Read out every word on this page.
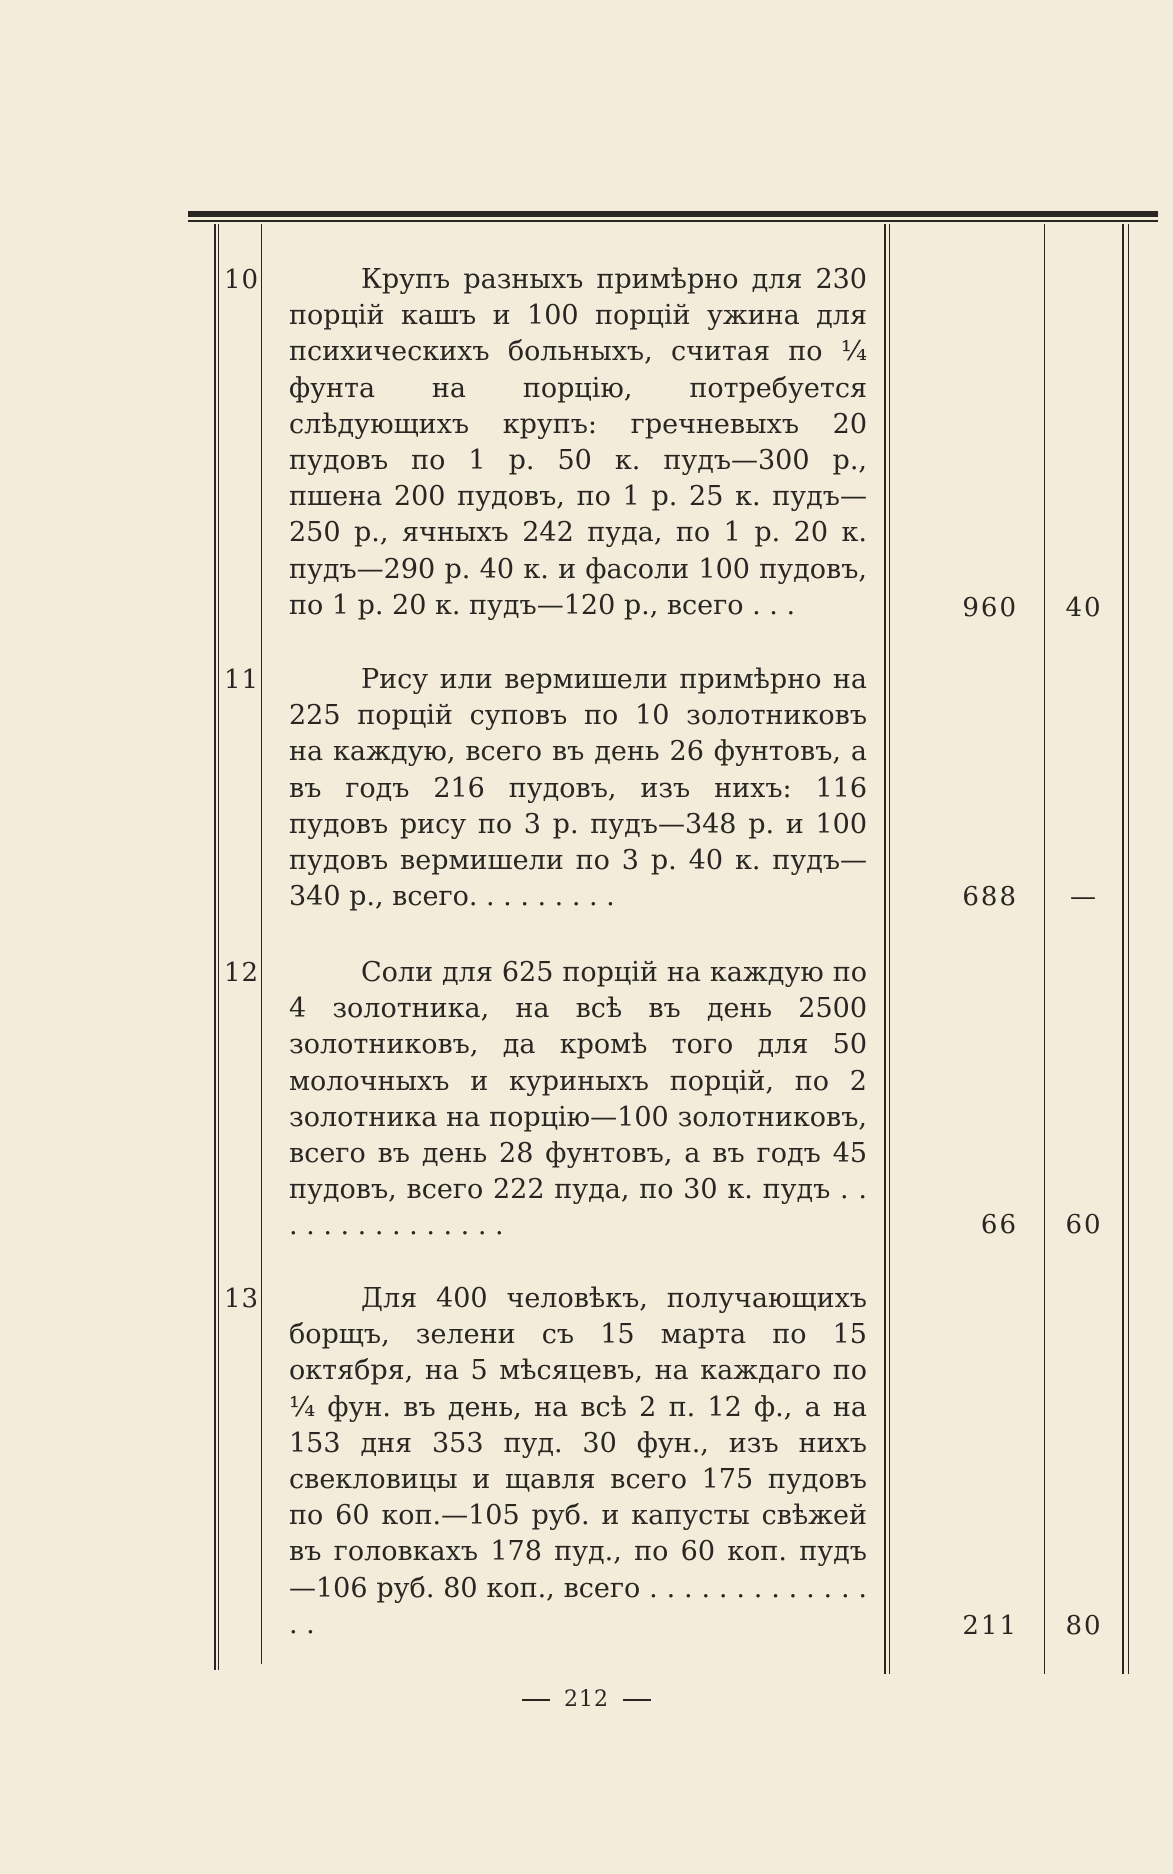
10	Крупъ разныхъ примѣрно для 230 порцій кашъ и 100 порцій ужина для психическихъ больныхъ, считая по ¼ фунта на порцію, потребуется слѣдующихъ крупъ: гречневыхъ 20 пудовъ по 1 р. 50 к. пудъ—300 р., пшена 200 пудовъ, по 1 р. 25 к. пудъ—250 р., ячныхъ 242 пуда, по 1 р. 20 к. пудъ—290 р. 40 к. и фасоли 100 пудовъ, по 1 р. 20 к. пудъ—120 р., всего . . .	960	40
11	Рису или вермишели примѣрно на 225 порцій суповъ по 10 золотниковъ на каждую, всего въ день 26 фунтовъ, а въ годъ 216 пудовъ, изъ нихъ: 116 пудовъ рису по 3 р. пудъ—348 р. и 100 пудовъ вермишели по 3 р. 40 к. пудъ—340 р., всего. . . . . . . . .	688	—
12	Соли для 625 порцій на каждую по 4 золотника, на всѣ въ день 2500 золотниковъ, да кромѣ того для 50 молочныхъ и куриныхъ порцій, по 2 золотника на порцію—100 золотниковъ, всего въ день 28 фунтовъ, а въ годъ 45 пудовъ, всего 222 пуда, по 30 к. пудъ . . . . . . . . . . . . . . .	66	60
13	Для 400 человѣкъ, получающихъ борщъ, зелени съ 15 марта по 15 октября, на 5 мѣсяцевъ, на каждаго по ¼ фун. въ день, на всѣ 2 п. 12 ф., а на 153 дня 353 пуд. 30 фун., изъ нихъ свекловицы и щавля всего 175 пудовъ по 60 коп.—105 руб. и капусты свѣжей въ головкахъ 178 пуд., по 60 коп. пудъ—106 руб. 80 коп., всего . . . . . . . . . . . . . . .	211	80
212
